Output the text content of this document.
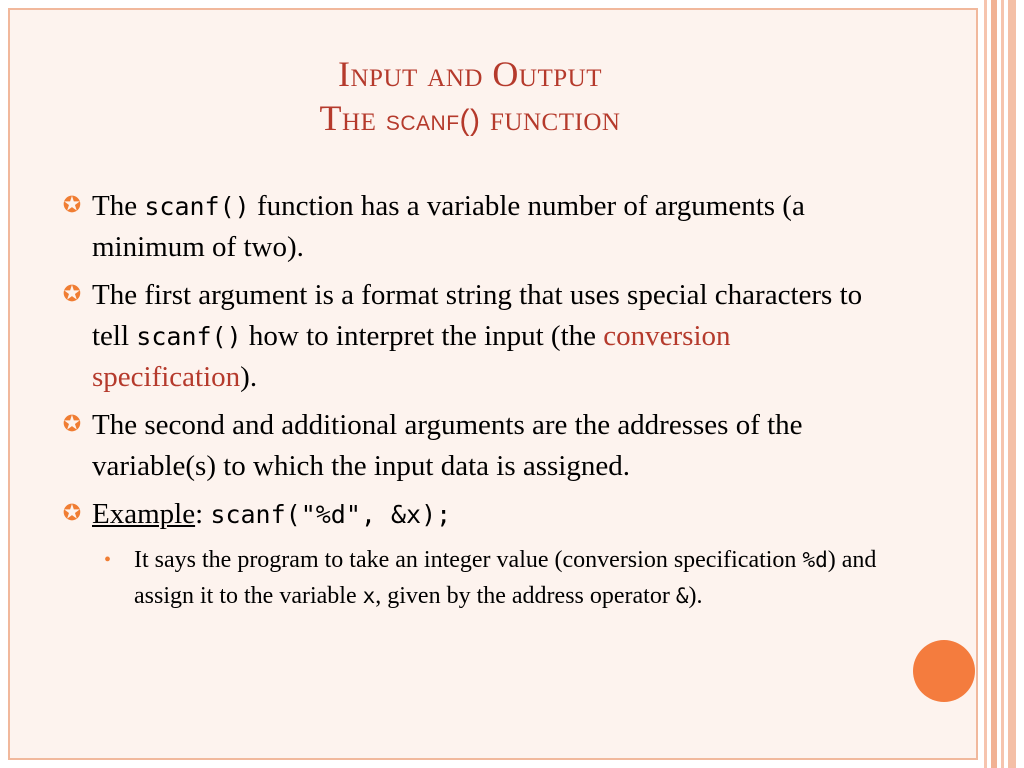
Input and Output
The scanf() function
✪ The scanf() function has a variable number of arguments (a minimum of two).
✪ The first argument is a format string that uses special characters to tell scanf() how to interpret the input (the conversion specification).
✪ The second and additional arguments are the addresses of the variable(s) to which the input data is assigned.
✪ Example: scanf("%d", &x);
• It says the program to take an integer value (conversion specification %d) and assign it to the variable x, given by the address operator &).
